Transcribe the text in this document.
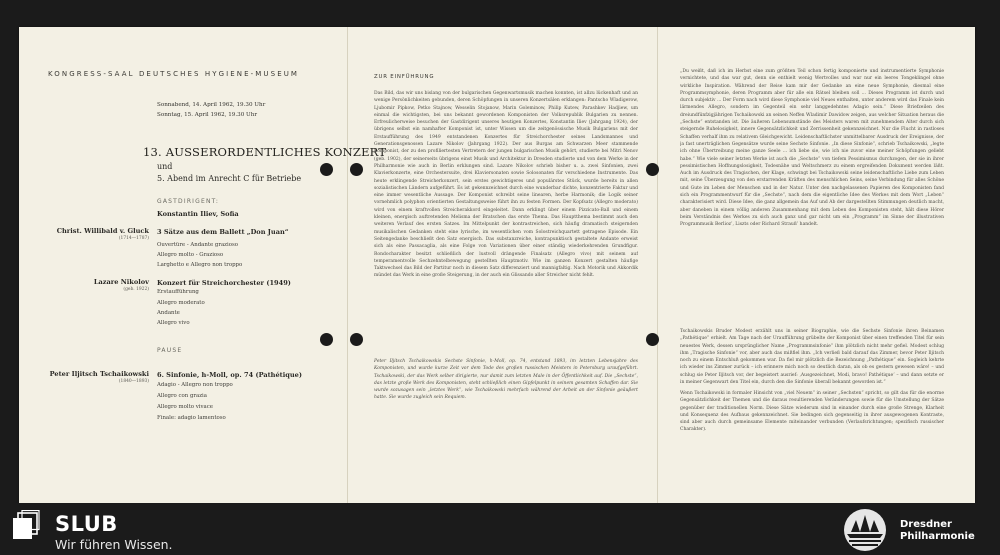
KONGRESS-SAAL DEUTSCHES HYGIENE-MUSEUM
Sonnabend, 14. April 1962, 19.30 Uhr
Sonntag, 15. April 1962, 19.30 Uhr
13. AUSSERORDENTLICHES KONZERT
und
5. Abend im Anrecht C für Betriebe
GASTDIRIGENT:
Konstantin Iliev, Sofia
Christ. Willibald v. Gluck
(1714—1787)
3 Sätze aus dem Ballett „Don Juan“
Ouvertüre - Andante grazioso
Allegro molto - Grazioso
Larghetto e Allegro non troppo
Lazare Nikolov
(geb. 1922)
Konzert für Streichorchester (1949)
Erstaufführung
Allegro moderato
Andante
Allegro vivo
PAUSE
Peter Iljitsch Tschaikowski
(1840—1893)
6. Sinfonie, h-Moll, op. 74 (Pathétique)
Adagio - Allegro non troppo
Allegro con grazia
Allegro molto vivace
Finale: adagio lamentoso
ZUR EINFÜHRUNG
Das Bild, das wir uns bislang von der bulgarischen Gegenwartsmusik machen konnten, ist allzu lückenhaft und an wenige Persönlichkeiten gebunden, deren Schöpfungen in unseren Konzertsälen erklangen: Pantscho Wladigerow, Ljubomir Pipkow, Petko Stajnow, Wesselin Stojanow, Marin Goleminow, Philip Kutew, Parashkev Hadjiew, um einmal die wichtigsten, bei uns bekannt gewordenen Komponisten der Volksrepublik Bulgarien zu nennen. Erfreulicherweise besuchen der Gastdirigent unseres heutigen Konzertes, Konstantin Iliev (Jahrgang 1924), der übrigens selbst ein namhafter Komponist ist, unter Wissen um die zeitgenössische Musik Bulgariens mit der Erstaufführung des 1949 entstandenen Konzertes für Streichorchester seines Landsmannes und Generationsgenossen Lazare Nikolov (Jahrgang 1922). Der aus Burgas am Schwarzen Meer stammende Komponist, der zu den profiliertesten Vertretern der jungen bulgarischen Musik gehört, studierte bei Mitri Nenov (geb. 1902), der seinerseits übrigens einst Musik und Architektur in Dresden studierte und von dem Werke in der Philharmonie wie auch in Berlin erklungen sind. Lazare Nikolov schrieb bisher u. a. zwei Sinfonien, zwei Klavierkonzerte, eine Orchestersuite, drei Klaviersonaten sowie Solosonaten für verschiedene Instrumente. Das heute erklingende Streicherkonzert, sein erstes gewichtigeres und populärstes Stück, wurde bereits in allen sozialistischen Ländern aufgeführt. Es ist gekennzeichnet durch eine wunderbar dichte, konzentrierte Faktur und eine immer wesentliche Aussage. Der Komponist schreibt seine linearen, herbe Harmonik; die Logik seiner vornehmlich polyphon orientierten Gestaltungsweise führt ihn zu festen Formen. Der Kopfsatz (Allegro moderato) wird von einem kraftvollen Streicherakkord eingeleitet. Dann erklingt über einem Pizzicato-Ball und einem kleinen, energisch auftretenden Melisma der Bratschen das erste Thema. Das Hauptthema bestimmt auch den weiteren Verlauf des ersten Satzes. Im Mittelpunkt der kontrastreichen, sich häufig dramatisch steigernden musikalischen Gedanken steht eine lyrische, im wesentlichen vom Solostreichquartett getragene Episode. Ein Seitengedanke beschließt den Satz energisch. Das substanzreiche, kontrapunktisch gestaltete Andante erweist sich als eine Passacaglia, als eine Folge von Variationen über einer ständig wiederkehrenden Grundfigur. Rondocharakter besitzt schließlich der lustvoll drängende Finalsatz (Allegro vivo) mit seinem auf temperamentvolle Sechzehntelbewegung gestellten Hauptmotiv. Wie im ganzen Konzert gestalten häufige Taktwechsel das Bild der Partitur noch in diesem Satz differenziert und mannigfaltig. Nach Motorik und Akkordik mündet das Werk in eine große Steigerung, in der auch ein Glissando aller Streicher nicht fehlt.
Peter Iljitsch Tschaikowskis Sechste Sinfonie, h-Moll, op. 74, entstand 1893, im letzten Lebensjahre des Komponisten, und wurde kurze Zeit vor dem Tode des großen russischen Meisters in Petersburg uraufgeführt. Tschaikowski, der das Werk selber dirigierte, nur damit zum letzten Male in der Öffentlichkeit auf. Die „Sechste“, das letzte große Werk des Komponisten, steht schließlich einen Gipfelpunkt in seinem gesamten Schaffen dar. Sie wurde sozusagen sein „letztes Werk“, wie Tschaikowski mehrfach während der Arbeit an der Sinfonie geäußert hatte. Sie wurde zugleich sein Requiem.
„Du weißt, daß ich im Herbst eine zum größten Teil schon fertig komponierte und instrumentierte Symphonie vernichtete, und das war gut, denn sie enthielt wenig Wertvolles und war nur ein leeres Tongeklingel ohne wirkliche Inspiration. Während der Reise kam mir der Gedanke an eine neue Symphonie, diesmal eine Programmsymphonie, deren Programm aber für alle ein Rätsel bleiben soll ... Dieses Programm ist durch und durch subjektiv ... Der Form nach wird diese Symphonie viel Neues enthalten, unter anderem wird das Finale kein lärmendes Allegro, sondern im Gegenteil ein sehr langgedehntes Adagio sein.“ Diese Briefzeilen des dreiundfünfzigjährigen Tschaikowski an seinen Neffen Wladimir Dawidow zeigen, aus welcher Situation heraus die „Sechste“ entstanden ist. Die äußeren Lebensumstände des Meisters waren mit zunehmendem Alter durch sich steigernde Ruhelosigkeit, innere Gegensätzlichkeit und Zerrissenheit gekennzeichnet. Nur die Flucht in rastloses Schaffen verhalf ihm zu relativem Gleichgewicht. Leidenschaftlichster unmittelbarer Ausdruck der Ereignisse, der ja fast unerträglichen Gegensätze wurde seine Sechste Sinfonie. „In diese Sinfonie“, schrieb Tschaikowski, „legte ich ohne Übertreibung meine ganze Seele ... ich liebe sie, wie ich nie zuvor eine meiner Schöpfungen geliebt habe.“ Wie viele seiner letzten Werke ist auch die „Sechste“ von tiefem Pessimismus durchzogen, der sie in ihrer pessimistischen Hoffnungslosigkeit, Todesnähe und Weltschmerz zu einem ergreifenden Dokument werden läßt. Auch im Ausdruck des Tragischen, der Klage, schwingt bei Tschaikowski seine leidenschaftliche Liebe zum Leben mit, seine Überzeugung von den erstarrenden Kräften des menschlichen Seins, seine Verbindung für alles Schöne und Gute im Leben der Menschen und in der Natur. Unter den nachgelassenen Papieren des Komponisten fand sich ein Programmentwurf für die „Sechste“, nach dem die eigentliche Idee des Werkes mit dem Wort „Leben“ charakterisiert wird. Diese Idee, die ganz allgemein das Auf und Ab der dargestellten Stimmungen deutlich macht, aber daneben in einem völlig anderen Zusammenhang mit dem Leben des Komponisten steht, hält diese Hörer beim Verständnis des Werkes zu sich auch ganz und gar nicht um ein „Programm“ im Sinne der illustrativen Programmusik Berlioz’, Liszts oder Richard Strauß’ handelt.
Tschaikowskis Bruder Modest erzählt uns in seiner Biographie, wie die Sechste Sinfonie ihren Beinamen „Pathétique“ erhielt. Am Tage nach der Uraufführung grübelte der Komponist über einen treffenden Titel für sein neuestes Werk, dessen ursprünglicher Name „Programmsinfonie“ ihm plötzlich nicht mehr gefiel. Modest schlug ihm „Tragische Sinfonie“ vor, aber auch das mißfiel ihm. „Ich verließ bald darauf das Zimmer, bevor Peter Iljitsch noch zu einem Entschluß gekommen war. Da fiel mir plötzlich die Bezeichnung „Pathétique“ ein. Sogleich kehrte ich wieder ins Zimmer zurück – ich erinnere mich noch so deutlich daran, als ob es gestern gewesen wäre! – und schlug sie Peter Iljitsch vor, der begeistert ausrief: ‚Ausgezeichnet, Modi, bravo! Pathétique‘ – und dann setzte er in meiner Gegenwart den Titel ein, durch den die Sinfonie überall bekannt geworden ist.“
Wenn Tschaikowski in formaler Hinsicht von „viel Neuem“ in seiner „Sechsten“ spricht, so gilt das für die enorme Gegensätzlichkeit der Themen und die daraus resultierenden Veränderungen sowie für die Umstellung der Sätze gegenüber der traditionellen Norm. Diese Sätze wiederum sind in einander durch eine große Strenge, Klarheit und Konsequenz des Aufbaus gekennzeichnet. Sie bedingen sich gegenseitig in ihrer ausgewogenen Kontraste, sind aber auch durch gemeinsame Elemente miteinander verbunden (Verlaufsrichtungen; spezifisch russischer Charakter).
SLUB
Wir führen Wissen.
Dresdner
Philharmonie
